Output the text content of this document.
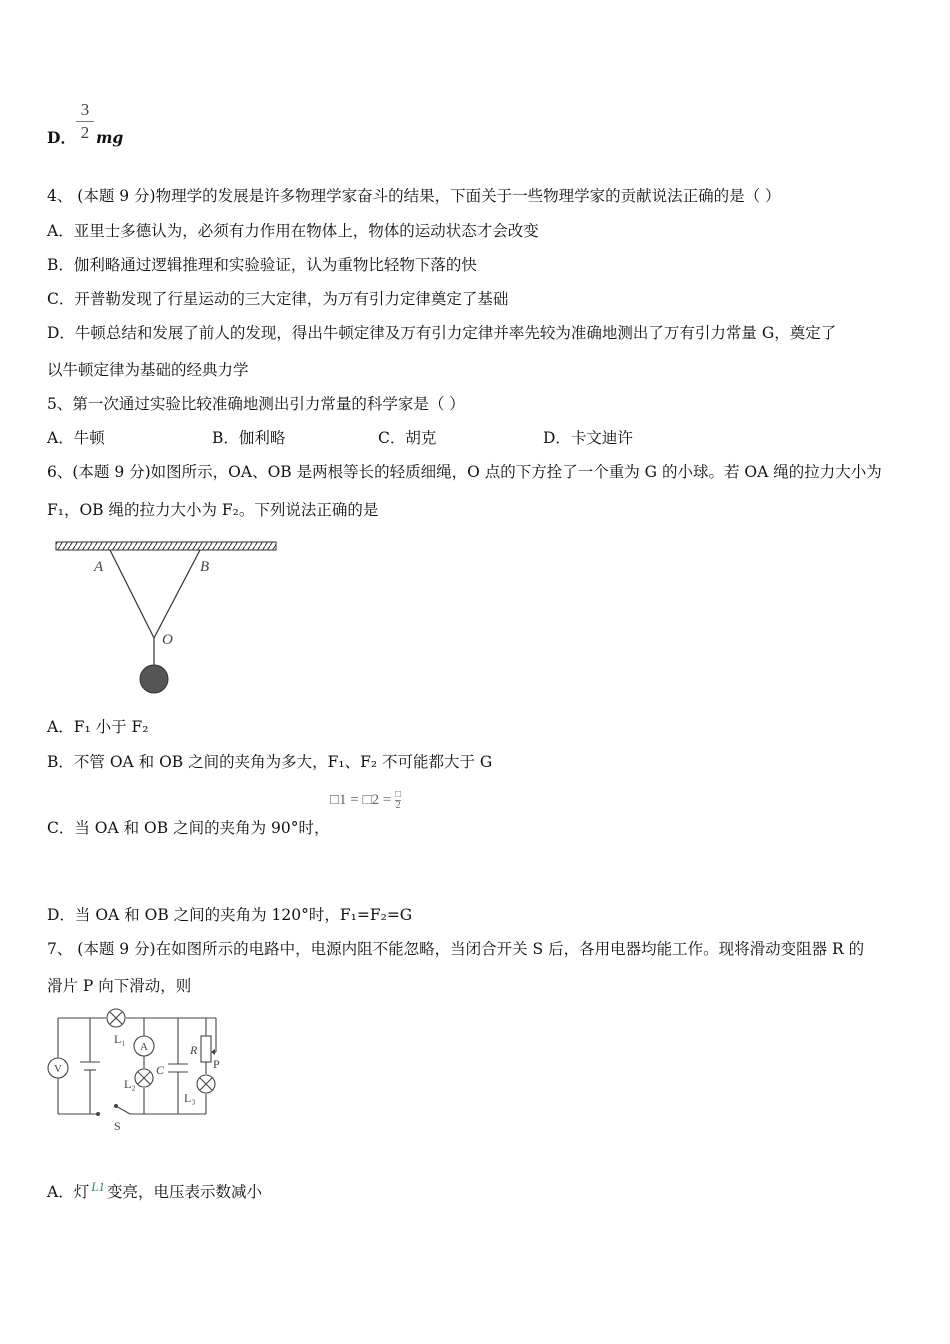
D．
3
2 mg
4、 (本题 9 分)物理学的发展是许多物理学家奋斗的结果，下面关于一些物理学家的贡献说法正确的是（ ）
A．亚里士多德认为，必须有力作用在物体上，物体的运动状态才会改变
B．伽利略通过逻辑推理和实验验证，认为重物比轻物下落的快
C．开普勒发现了行星运动的三大定律，为万有引力定律奠定了基础
D．牛顿总结和发展了前人的发现，得出牛顿定律及万有引力定律并率先较为准确地测出了万有引力常量 G，奠定了
以牛顿定律为基础的经典力学
5、第一次通过实验比较准确地测出引力常量的科学家是（ ）
A．牛顿	B．伽利略	C．胡克	D．卡文迪许
6、(本题 9 分)如图所示，OA、OB 是两根等长的轻质细绳，O 点的下方拴了一个重为 G 的小球。若 OA 绳的拉力大小为
F₁，OB 绳的拉力大小为 F₂。下列说法正确的是
A	B
O
A．F₁ 小于 F₂
B．不管 OA 和 OB 之间的夹角为多大，F₁、F₂ 不可能都大于 G
C．当 OA 和 OB 之间的夹角为 90°时，
□1 = □2 = □
2
D．当 OA 和 OB 之间的夹角为 120°时，F₁=F₂=G
7、 (本题 9 分)在如图所示的电路中，电源内阻不能忽略，当闭合开关 S 后，各用电器均能工作。现将滑动变阻器 R 的
滑片 P 向下滑动，则
V
A
L₁
L₂
L₃
C
R
P
S
A．灯 $^{L1}$ 变亮，电压表示数减小
